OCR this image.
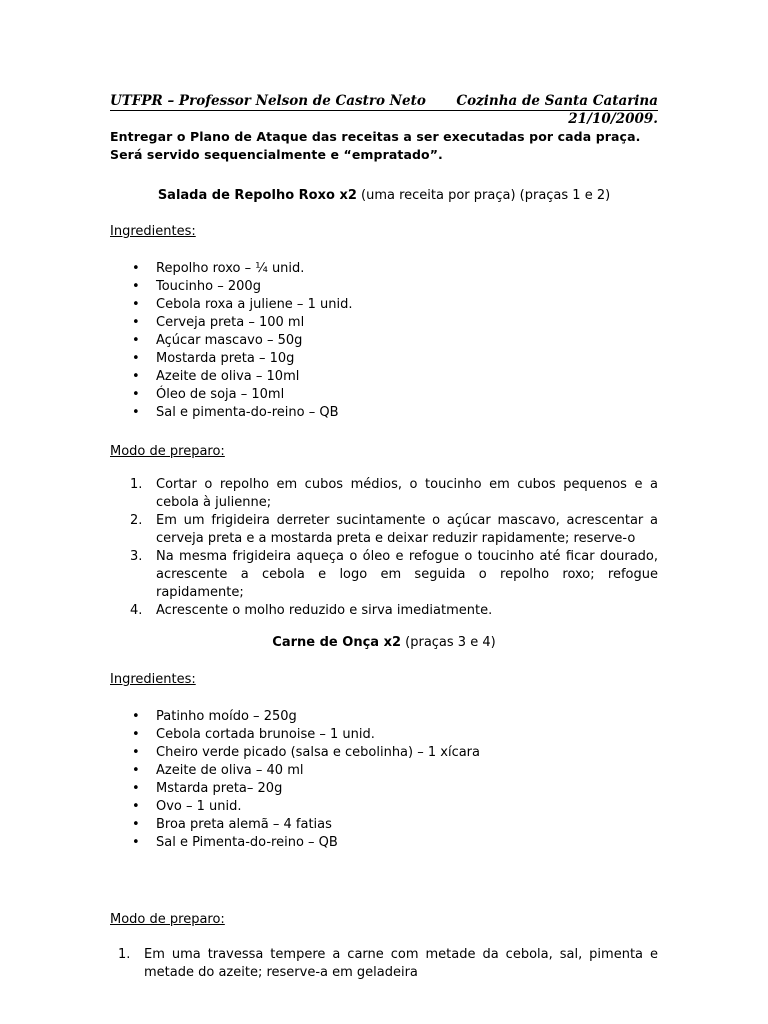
UTFPR – Professor Nelson de Castro Neto Cozinha de Santa Catarina
21/10/2009.
Entregar o Plano de Ataque das receitas a ser executadas por cada praça.
Será servido sequencialmente e “empratado”.
Salada de Repolho Roxo x2 (uma receita por praça) (praças 1 e 2)
Ingredientes:
• Repolho roxo – ¼ unid.
• Toucinho – 200g
• Cebola roxa a juliene – 1 unid.
• Cerveja preta – 100 ml
• Açúcar mascavo – 50g
• Mostarda preta – 10g
• Azeite de oliva – 10ml
• Óleo de soja – 10ml
• Sal e pimenta-do-reino – QB
Modo de preparo:
1. Cortar o repolho em cubos médios, o toucinho em cubos pequenos e a cebola à julienne;
2. Em um frigideira derreter sucintamente o açúcar mascavo, acrescentar a cerveja preta e a mostarda preta e deixar reduzir rapidamente; reserve-o
3. Na mesma frigideira aqueça o óleo e refogue o toucinho até ficar dourado, acrescente a cebola e logo em seguida o repolho roxo; refogue rapidamente;
4. Acrescente o molho reduzido e sirva imediatmente.
Carne de Onça x2 (praças 3 e 4)
Ingredientes:
• Patinho moído – 250g
• Cebola cortada brunoise – 1 unid.
• Cheiro verde picado (salsa e cebolinha) – 1 xícara
• Azeite de oliva – 40 ml
• Mstarda preta– 20g
• Ovo – 1 unid.
• Broa preta alemã – 4 fatias
• Sal e Pimenta-do-reino – QB
Modo de preparo:
1. Em uma travessa tempere a carne com metade da cebola, sal, pimenta e metade do azeite; reserve-a em geladeira
